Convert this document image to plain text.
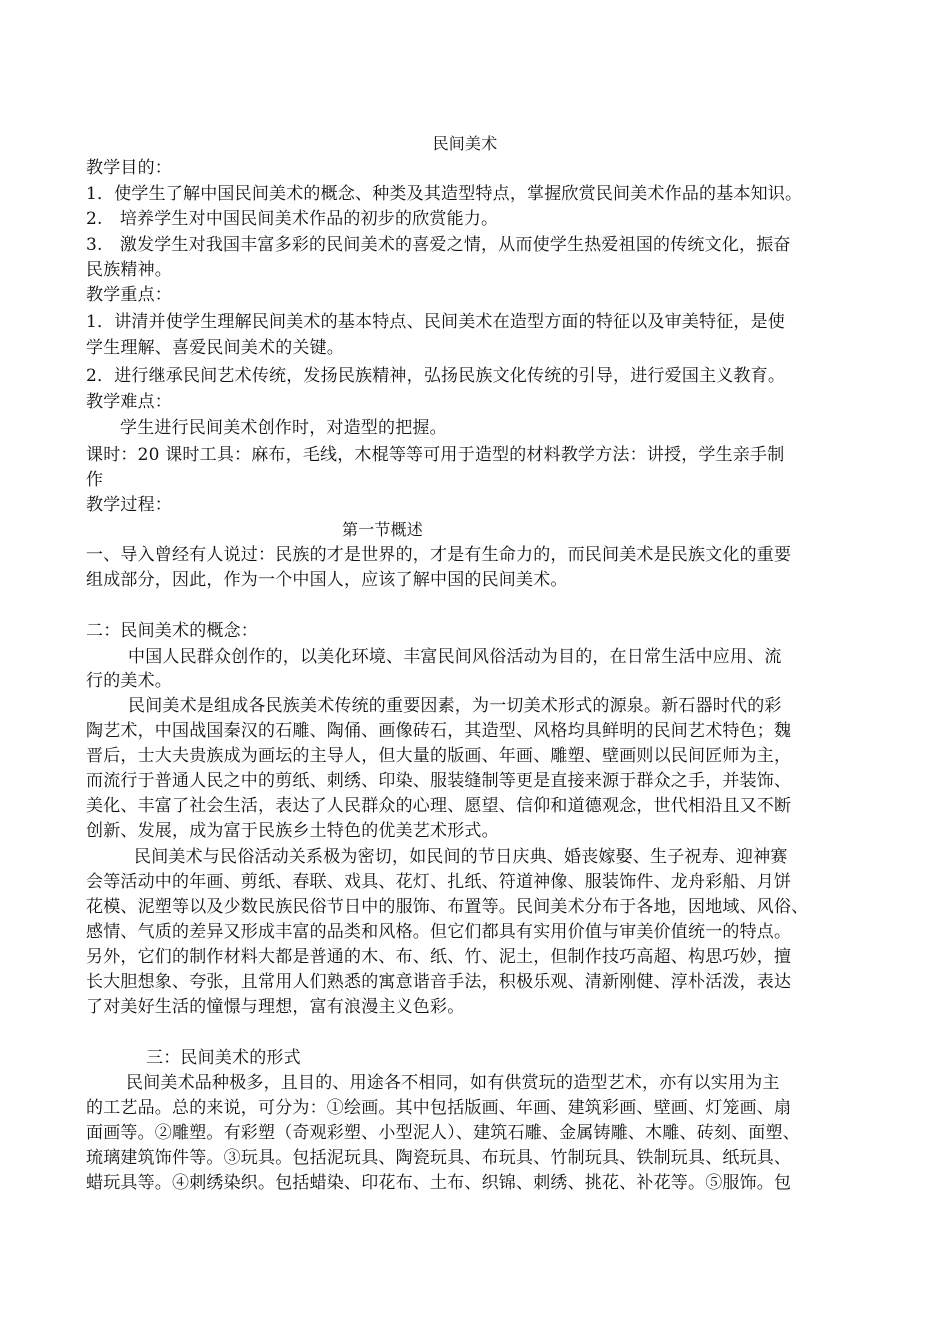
民间美术
教学目的：
1．使学生了解中国民间美术的概念、种类及其造型特点，掌握欣赏民间美术作品的基本知识。
2.　培养学生对中国民间美术作品的初步的欣赏能力。
3.　激发学生对我国丰富多彩的民间美术的喜爱之情，从而使学生热爱祖国的传统文化，振奋
民族精神。
教学重点：
1．讲清并使学生理解民间美术的基本特点、民间美术在造型方面的特征以及审美特征，是使
学生理解、喜爱民间美术的关键。
2．进行继承民间艺术传统，发扬民族精神，弘扬民族文化传统的引导，进行爱国主义教育。
教学难点：
学生进行民间美术创作时，对造型的把握。
课时：20 课时工具：麻布，毛线，木棍等等可用于造型的材料教学方法：讲授，学生亲手制
作
教学过程：
第一节概述
一、导入曾经有人说过：民族的才是世界的，才是有生命力的，而民间美术是民族文化的重要
组成部分，因此，作为一个中国人，应该了解中国的民间美术。
二：民间美术的概念：
中国人民群众创作的，以美化环境、丰富民间风俗活动为目的，在日常生活中应用、流
行的美术。
民间美术是组成各民族美术传统的重要因素，为一切美术形式的源泉。新石器时代的彩
陶艺术，中国战国秦汉的石雕、陶俑、画像砖石，其造型、风格均具鲜明的民间艺术特色；魏
晋后，士大夫贵族成为画坛的主导人，但大量的版画、年画、雕塑、壁画则以民间匠师为主，
而流行于普通人民之中的剪纸、刺绣、印染、服装缝制等更是直接来源于群众之手，并装饰、
美化、丰富了社会生活，表达了人民群众的心理、愿望、信仰和道德观念，世代相沿且又不断
创新、发展，成为富于民族乡土特色的优美艺术形式。
民间美术与民俗活动关系极为密切，如民间的节日庆典、婚丧嫁娶、生子祝寿、迎神赛
会等活动中的年画、剪纸、春联、戏具、花灯、扎纸、符道神像、服装饰件、龙舟彩船、月饼
花模、泥塑等以及少数民族民俗节日中的服饰、布置等。民间美术分布于各地，因地域、风俗、
感情、气质的差异又形成丰富的品类和风格。但它们都具有实用价值与审美价值统一的特点。
另外，它们的制作材料大都是普通的木、布、纸、竹、泥土，但制作技巧高超、构思巧妙，擅
长大胆想象、夸张，且常用人们熟悉的寓意谐音手法，积极乐观、清新刚健、淳朴活泼，表达
了对美好生活的憧憬与理想，富有浪漫主义色彩。
三：民间美术的形式
民间美术品种极多，且目的、用途各不相同，如有供赏玩的造型艺术，亦有以实用为主
的工艺品。总的来说，可分为：①绘画。其中包括版画、年画、建筑彩画、壁画、灯笼画、扇
面画等。②雕塑。有彩塑（奇观彩塑、小型泥人）、建筑石雕、金属铸雕、木雕、砖刻、面塑、
琉璃建筑饰件等。③玩具。包括泥玩具、陶瓷玩具、布玩具、竹制玩具、铁制玩具、纸玩具、
蜡玩具等。④刺绣染织。包括蜡染、印花布、土布、织锦、刺绣、挑花、补花等。⑤服饰。包
